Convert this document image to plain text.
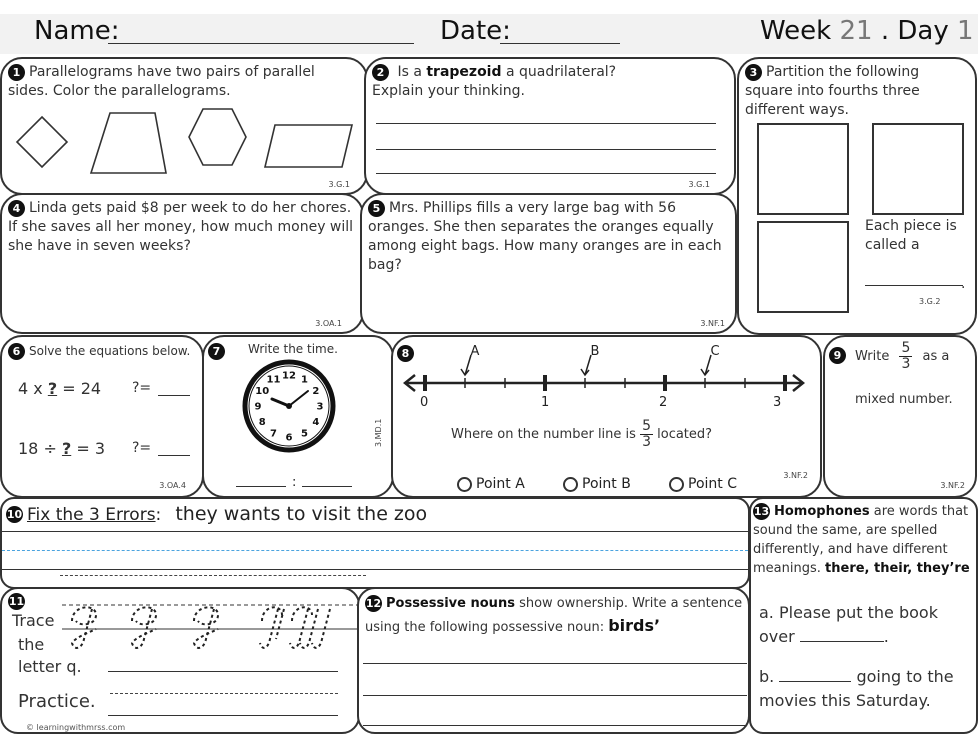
Name:	Date:	Week 21 . Day 1
1 Parallelograms have two pairs of parallel sides. Color the parallelograms.
3.G.1
2 Is a trapezoid a quadrilateral?
Explain your thinking.
3.G.1
3 Partition the following square into fourths three different ways.
Each piece is called a
.
3.G.2
4 Linda gets paid $8 per week to do her chores. If she saves all her money, how much money will she have in seven weeks?
3.OA.1
5 Mrs. Phillips fills a very large bag with 56 oranges. She then separates the oranges equally among eight bags. How many oranges are in each bag?
3.NF.1
6 Solve the equations below.
4 x ? = 24 ?=
18 ÷ ? = 3 ?=
3.OA.4
7	Write the time.
12 1
2
3
4
5
6
7
8
9
10
11
:
3.MD.1
8	A	B	C
0	1	2	3
Where on the number line is $\frac{5}{3}$ located?
Point A	Point B	Point C
3.NF.2
9	Write $\frac{5}{3}$ as a
mixed number.
3.NF.2
10 Fix the 3 Errors: they wants to visit the zoo	13 Homophones are words that sound the same, are spelled differently, and have different meanings. there, their, they’re
a. Please put the book over	.
b.	going to the movies this Saturday.
11
Trace
the
letter q.
Practice.
© learningwithmrss.com
12 Possessive nouns show ownership. Write a sentence using the following possessive noun: birds’
